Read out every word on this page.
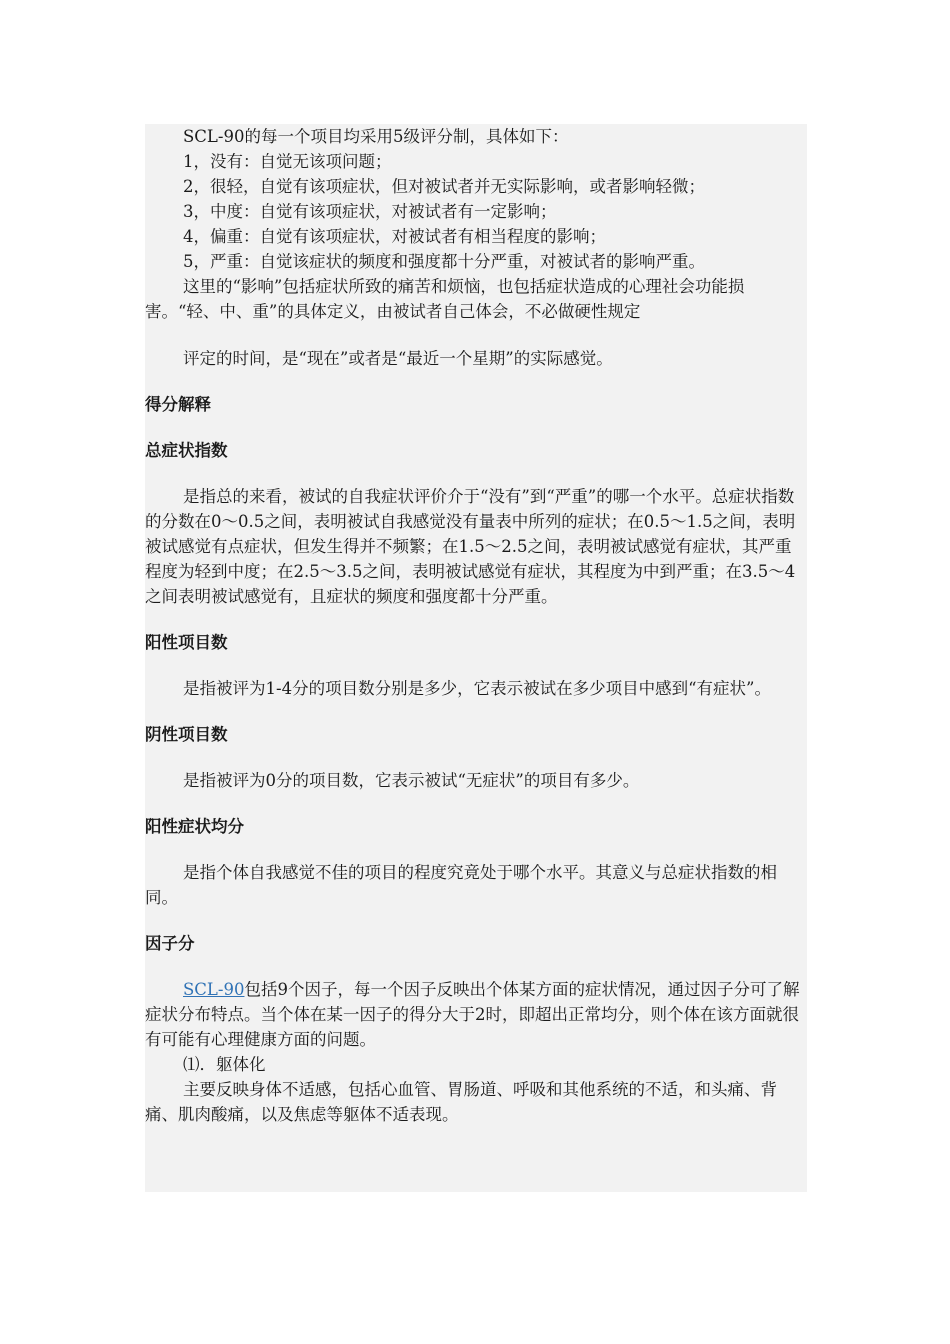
SCL-90的每一个项目均采用5级评分制，具体如下：

1，没有：自觉无该项问题；

2，很轻，自觉有该项症状，但对被试者并无实际影响，或者影响轻微；

3，中度：自觉有该项症状，对被试者有一定影响；

4，偏重：自觉有该项症状，对被试者有相当程度的影响；

5，严重：自觉该症状的频度和强度都十分严重，对被试者的影响严重。

这里的“影响”包括症状所致的痛苦和烦恼，也包括症状造成的心理社会功能损害。“轻、中、重”的具体定义，由被试者自己体会，不必做硬性规定

评定的时间，是“现在”或者是“最近一个星期”的实际感觉。

得分解释

总症状指数

是指总的来看，被试的自我症状评价介于“没有”到“严重”的哪一个水平。总症状指数的分数在0～0.5之间，表明被试自我感觉没有量表中所列的症状；在0.5～1.5之间，表明被试感觉有点症状，但发生得并不频繁；在1.5～2.5之间，表明被试感觉有症状，其严重程度为轻到中度；在2.5～3.5之间，表明被试感觉有症状，其程度为中到严重；在3.5～4之间表明被试感觉有，且症状的频度和强度都十分严重。

阳性项目数

是指被评为1-4分的项目数分别是多少，它表示被试在多少项目中感到“有症状”。

阴性项目数

是指被评为0分的项目数，它表示被试“无症状”的项目有多少。

阳性症状均分

是指个体自我感觉不佳的项目的程度究竟处于哪个水平。其意义与总症状指数的相同。

因子分

SCL-90包括9个因子，每一个因子反映出个体某方面的症状情况，通过因子分可了解症状分布特点。当个体在某一因子的得分大于2时，即超出正常均分，则个体在该方面就很有可能有心理健康方面的问题。

⑴．躯体化

主要反映身体不适感，包括心血管、胃肠道、呼吸和其他系统的不适，和头痛、背痛、肌肉酸痛，以及焦虑等躯体不适表现。
